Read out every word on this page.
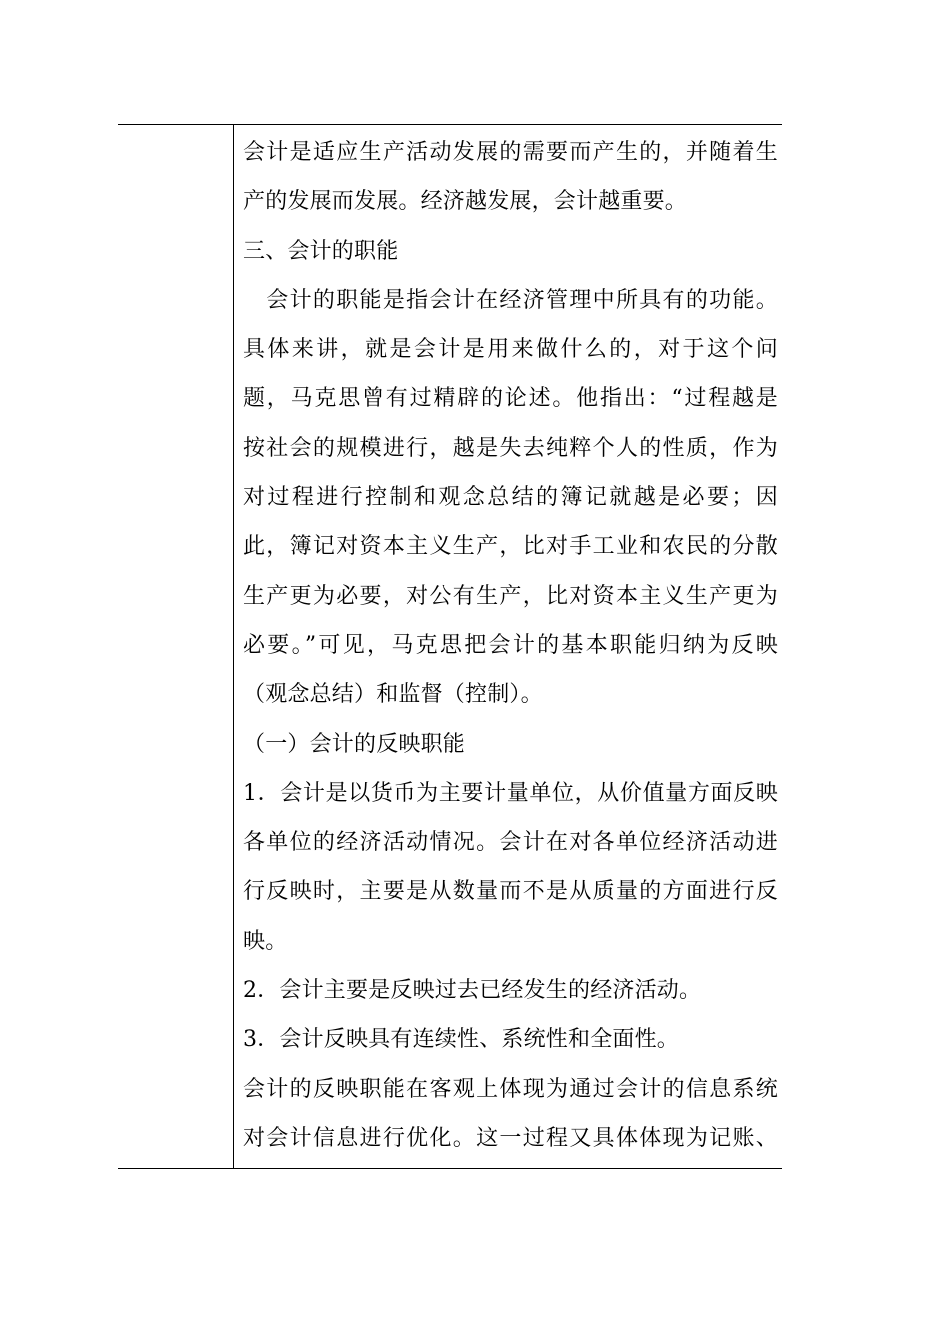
会计是适应生产活动发展的需要而产生的，并随着生
产的发展而发展。经济越发展，会计越重要。
三、会计的职能
　会计的职能是指会计在经济管理中所具有的功能。
具体来讲，就是会计是用来做什么的，对于这个问
题，马克思曾有过精辟的论述。他指出：“过程越是
按社会的规模进行，越是失去纯粹个人的性质，作为
对过程进行控制和观念总结的簿记就越是必要；因
此，簿记对资本主义生产，比对手工业和农民的分散
生产更为必要，对公有生产，比对资本主义生产更为
必要。”可见，马克思把会计的基本职能归纳为反映
（观念总结）和监督（控制）。
（一）会计的反映职能
1．会计是以货币为主要计量单位，从价值量方面反映
各单位的经济活动情况。会计在对各单位经济活动进
行反映时，主要是从数量而不是从质量的方面进行反
映。
2．会计主要是反映过去已经发生的经济活动。
3．会计反映具有连续性、系统性和全面性。
会计的反映职能在客观上体现为通过会计的信息系统
对会计信息进行优化。这一过程又具体体现为记账、
